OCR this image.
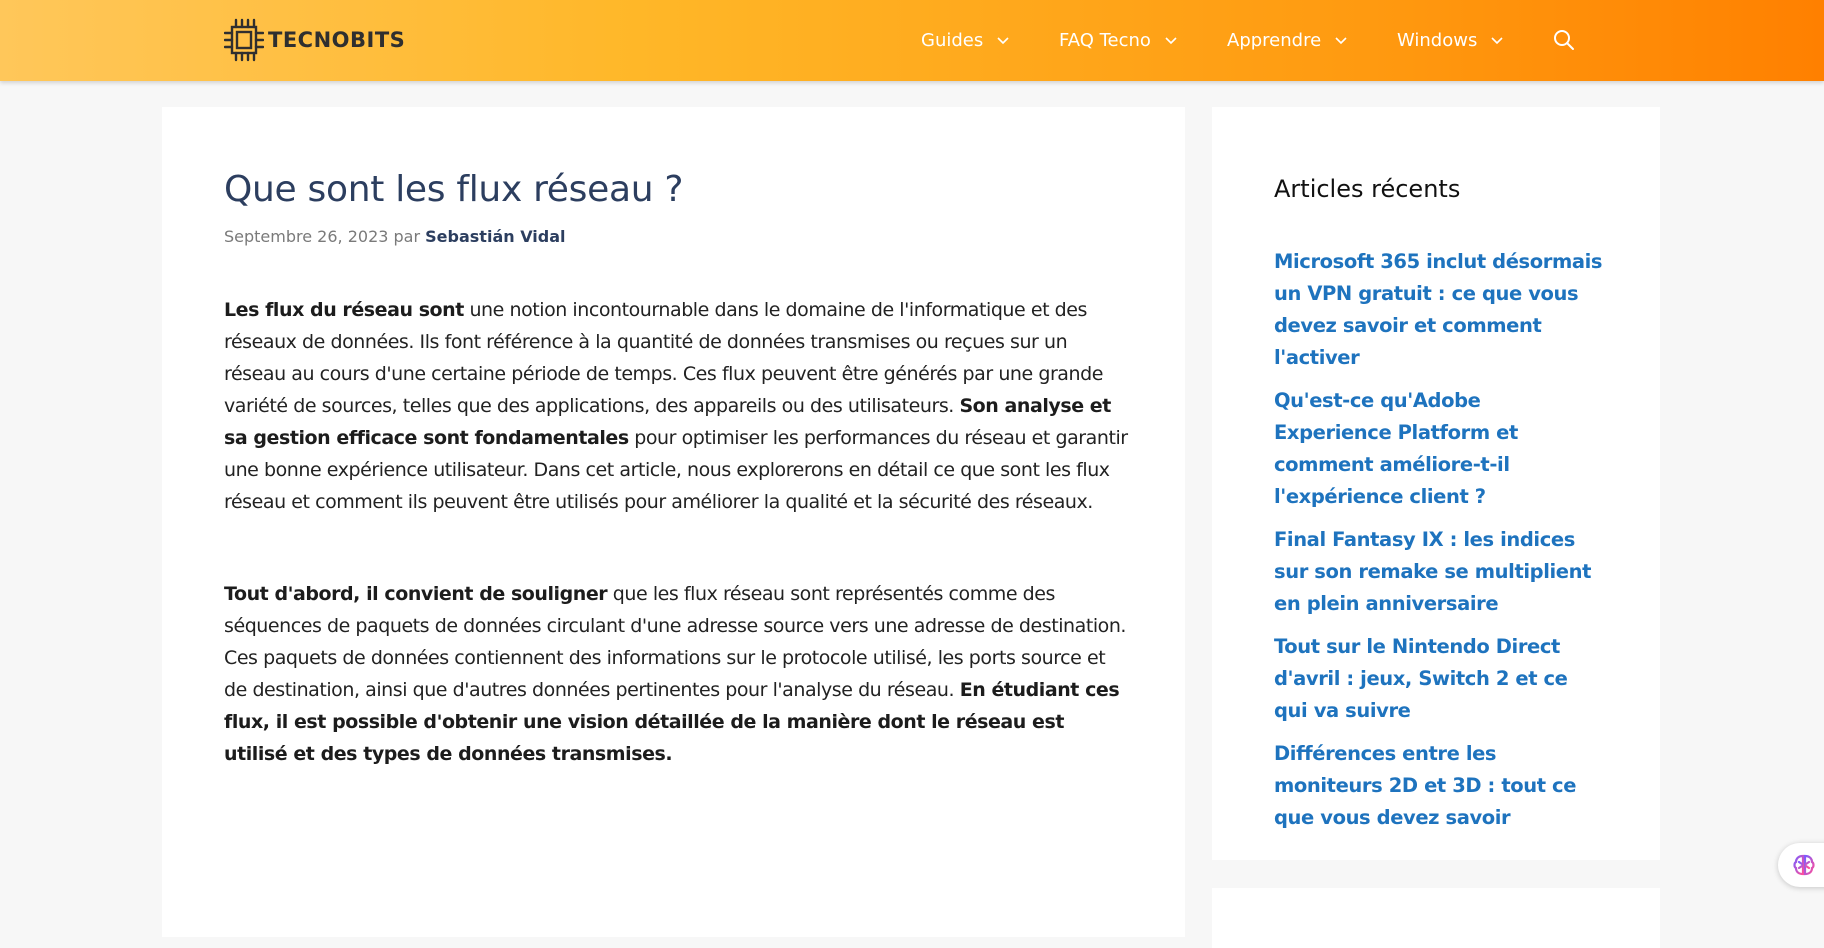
TECNOBITS	Guides	FAQ Tecno	Apprendre	Windows
Que sont les flux réseau ?
Septembre 26, 2023 par Sebastián Vidal

Les flux du réseau sont une notion incontournable dans le domaine de l'informatique et des réseaux de données. Ils font référence à la quantité de données transmises ou reçues sur un réseau au cours d'une certaine période de temps. Ces flux peuvent être générés par une grande variété de sources, telles que des applications, des appareils ou des utilisateurs. Son analyse et sa gestion efficace sont fondamentales pour optimiser les performances du réseau et garantir une bonne expérience utilisateur. Dans cet article, nous explorerons en détail ce que sont les flux réseau et comment ils peuvent être utilisés pour améliorer la qualité et la sécurité des réseaux.

Tout d'abord, il convient de souligner que les flux réseau sont représentés comme des séquences de paquets de données circulant d'une adresse source vers une adresse de destination. Ces paquets de données contiennent des informations sur le protocole utilisé, les ports source et de destination, ainsi que d'autres données pertinentes pour l'analyse du réseau. En étudiant ces flux, il est possible d'obtenir une vision détaillée de la manière dont le réseau est utilisé et des types de données transmises.

Articles récents
Microsoft 365 inclut désormais un VPN gratuit : ce que vous devez savoir et comment l'activer
Qu'est-ce qu'Adobe Experience Platform et comment améliore-t-il l'expérience client ?
Final Fantasy IX : les indices sur son remake se multiplient en plein anniversaire
Tout sur le Nintendo Direct d'avril : jeux, Switch 2 et ce qui va suivre
Différences entre les moniteurs 2D et 3D : tout ce que vous devez savoir
